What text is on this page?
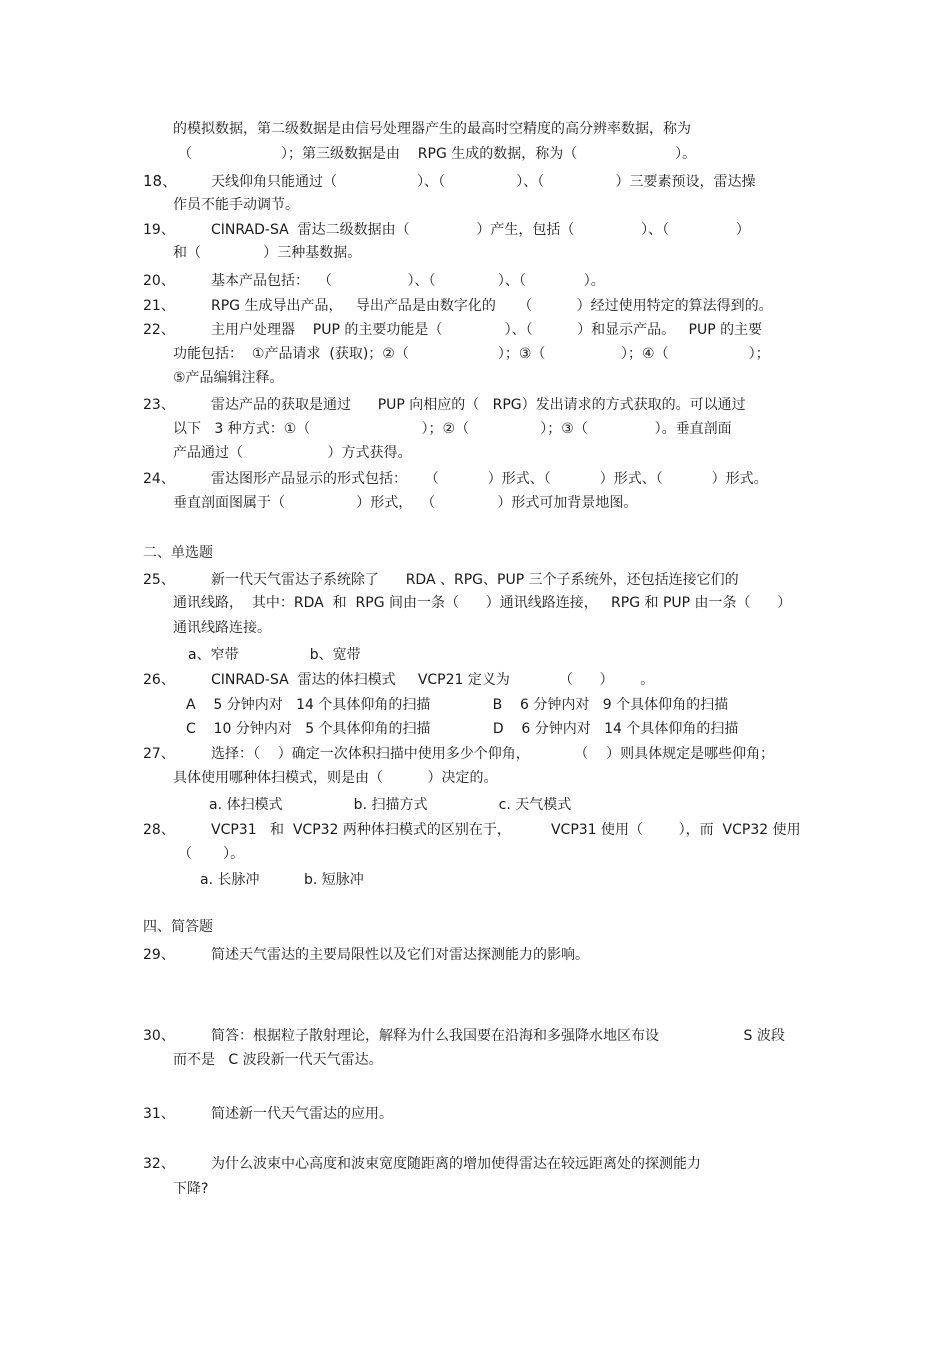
的模拟数据，第二级数据是由信号处理器产生的最高时空精度的高分辨率数据，称为
（                    ）；第三级数据是由    RPG 生成的数据，称为（                      ）。
18、 天线仰角只能通过（                  ）、（                ）、（                ）三要素预设，雷达操
作员不能手动调节。
19、	CINRAD-SA  雷达二级数据由（               ）产生，包括（               ）、（               ）
和（              ）三种基数据。
20、	基本产品包括：  （                 ）、（              ）、（             ）。
21、	RPG 生成导出产品，   导出产品是由数字化的     （          ）经过使用特定的算法得到的。
22、	主用户处理器    PUP 的主要功能是（              ）、（          ）和显示产品。   PUP 的主要
功能包括：  ①产品请求  (获取)；②（                    ）；③（                 ）；④（                  ）；
⑤产品编辑注释。
23、	雷达产品的获取是通过      PUP 向相应的（   RPG）发出请求的方式获取的。可以通过
以下   3 种方式：①（                         ）；②（                ）；③（               ）。垂直剖面
产品通过（                   ）方式获得。
24、	雷达图形产品显示的形式包括：    （           ）形式、（           ）形式、（           ）形式。
垂直剖面图属于（                ）形式，  （              ）形式可加背景地图。
二、单选题
25、	新一代天气雷达子系统除了      RDA 、RPG、PUP 三个子系统外，还包括连接它们的
通讯线路，  其中：RDA  和  RPG 间由一条（      ）通讯线路连接，   RPG 和 PUP 由一条（      ）
通讯线路连接。
a、窄带                b、宽带
26、	CINRAD-SA  雷达的体扫模式     VCP21 定义为           （      ）      。
A    5 分钟内对   14 个具体仰角的扫描              B    6 分钟内对   9 个具体仰角的扫描
C    10 分钟内对   5 个具体仰角的扫描              D    6 分钟内对   14 个具体仰角的扫描
27、	选择：（    ）确定一次体积扫描中使用多少个仰角，          （    ）则具体规定是哪些仰角；
具体使用哪种体扫模式，则是由（          ）决定的。
a. 体扫模式                b. 扫描方式                c. 天气模式
28、	VCP31   和  VCP32 两种体扫模式的区别在于，         VCP31 使用（        ），而  VCP32 使用
（       ）。
a. 长脉冲          b. 短脉冲
四、简答题
29、	简述天气雷达的主要局限性以及它们对雷达探测能力的影响。
30、	简答：根据粒子散射理论，解释为什么我国要在沿海和多强降水地区布设                   S 波段
而不是   C 波段新一代天气雷达。
31、	简述新一代天气雷达的应用。
32、	为什么波束中心高度和波束宽度随距离的增加使得雷达在较远距离处的探测能力
下降?
